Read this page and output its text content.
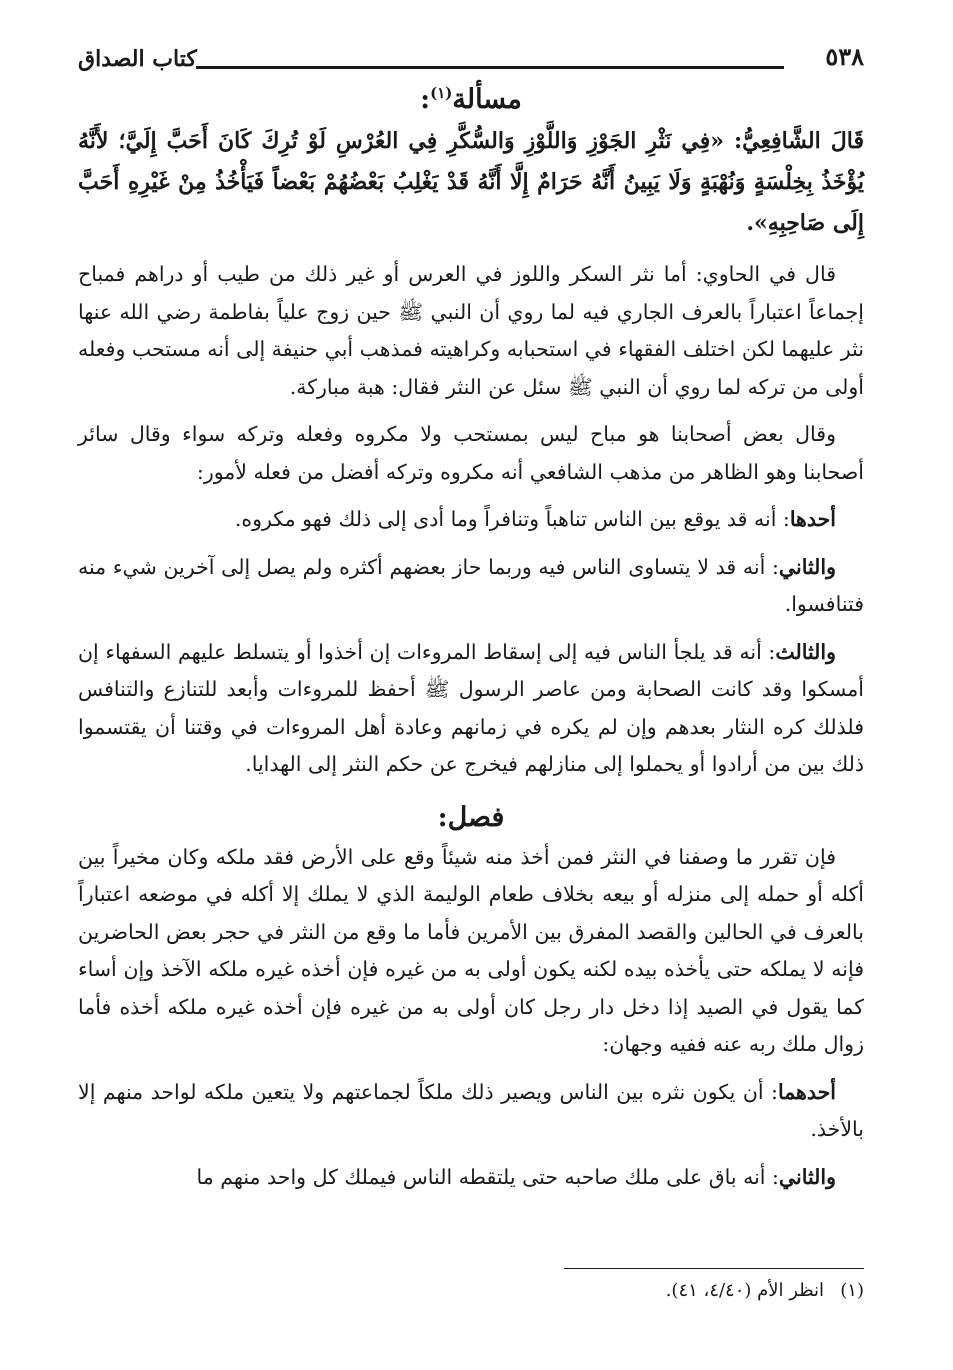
٥٣٨
كتاب الصداق
مسألة$^{(١)}$:
قَالَ الشَّافِعِيُّ: «فِي نَثْرِ الجَوْزِ وَاللَّوْزِ وَالسُّكَّرِ فِي العُرْسِ لَوْ تُرِكَ كَانَ أَحَبَّ إِلَيَّ؛ لأَنَّهُ يُؤْخَذُ بِخِلْسَةٍ وَنُهْبَةٍ وَلَا يَبِينُ أَنَّهُ حَرَامٌ إِلَّا أَنَّهُ قَدْ يَغْلِبُ بَعْضُهُمْ بَعْضاً فَيَأْخُذُ مِنْ غَيْرِهِ أَحَبَّ إِلَى صَاحِبِهِ».

قال في الحاوي: أما نثر السكر واللوز في العرس أو غير ذلك من طيب أو دراهم فمباح إجماعاً اعتباراً بالعرف الجاري فيه لما روي أن النبي ﷺ حين زوج علياً بفاطمة رضي الله عنها نثر عليهما لكن اختلف الفقهاء في استحبابه وكراهيته فمذهب أبي حنيفة إلى أنه مستحب وفعله أولى من تركه لما روي أن النبي ﷺ سئل عن النثر فقال: هبة مباركة.

وقال بعض أصحابنا هو مباح ليس بمستحب ولا مكروه وفعله وتركه سواء وقال سائر أصحابنا وهو الظاهر من مذهب الشافعي أنه مكروه وتركه أفضل من فعله لأمور:

أحدها: أنه قد يوقع بين الناس تناهباً وتنافراً وما أدى إلى ذلك فهو مكروه.

والثاني: أنه قد لا يتساوى الناس فيه وربما حاز بعضهم أكثره ولم يصل إلى آخرين شيء منه فتنافسوا.

والثالث: أنه قد يلجأ الناس فيه إلى إسقاط المروءات إن أخذوا أو يتسلط عليهم السفهاء إن أمسكوا وقد كانت الصحابة ومن عاصر الرسول ﷺ أحفظ للمروءات وأبعد للتنازع والتنافس فلذلك كره النثار بعدهم وإن لم يكره في زمانهم وعادة أهل المروءات في وقتنا أن يقتسموا ذلك بين من أرادوا أو يحملوا إلى منازلهم فيخرج عن حكم النثر إلى الهدايا.

فصل:

فإن تقرر ما وصفنا في النثر فمن أخذ منه شيئاً وقع على الأرض فقد ملكه وكان مخيراً بين أكله أو حمله إلى منزله أو بيعه بخلاف طعام الوليمة الذي لا يملك إلا أكله في موضعه اعتباراً بالعرف في الحالين والقصد المفرق بين الأمرين فأما ما وقع من النثر في حجر بعض الحاضرين فإنه لا يملكه حتى يأخذه بيده لكنه يكون أولى به من غيره فإن أخذه غيره ملكه الآخذ وإن أساء كما يقول في الصيد إذا دخل دار رجل كان أولى به من غيره فإن أخذه غيره ملكه أخذه فأما زوال ملك ربه عنه ففيه وجهان:

أحدهما: أن يكون نثره بين الناس ويصير ذلك ملكاً لجماعتهم ولا يتعين ملكه لواحد منهم إلا بالأخذ.

والثاني: أنه باق على ملك صاحبه حتى يلتقطه الناس فيملك كل واحد منهم ما

(١)انظر الأم (٤/٤٠، ٤١).
